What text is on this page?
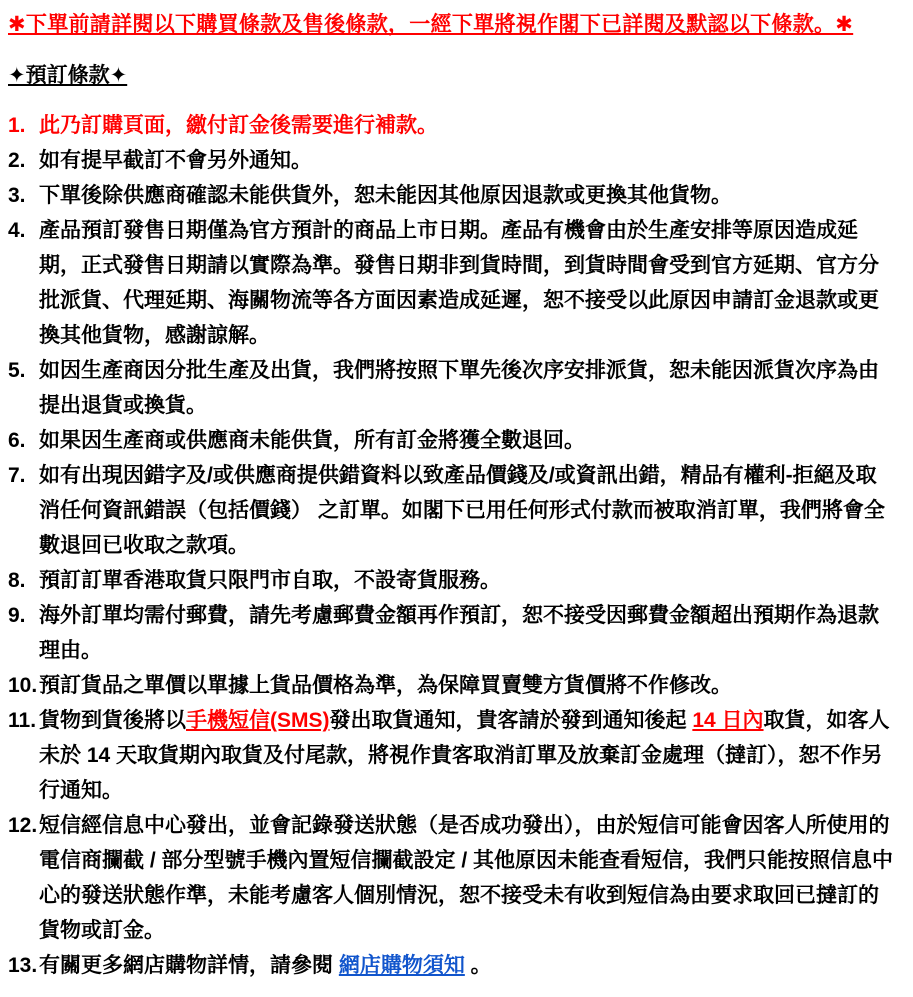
✱下單前請詳閱以下購買條款及售後條款，一經下單將視作閣下已詳閱及默認以下條款。✱
✦預訂條款✦
1. 此乃訂購頁面，繳付訂金後需要進行補款。
2. 如有提早截訂不會另外通知。
3. 下單後除供應商確認未能供貨外，恕未能因其他原因退款或更換其他貨物。
4. 產品預訂發售日期僅為官方預計的商品上市日期。產品有機會由於生產安排等原因造成延期，正式發售日期請以實際為準。發售日期非到貨時間，到貨時間會受到官方延期、官方分批派貨、代理延期、海關物流等各方面因素造成延遲，恕不接受以此原因申請訂金退款或更換其他貨物，感謝諒解。
5. 如因生產商因分批生產及出貨，我們將按照下單先後次序安排派貨，恕未能因派貨次序為由提出退貨或換貨。
6. 如果因生產商或供應商未能供貨，所有訂金將獲全數退回。
7. 如有出現因錯字及/或供應商提供錯資料以致產品價錢及/或資訊出錯，精品有權利-拒絕及取消任何資訊錯誤（包括價錢） 之訂單。如閣下已用任何形式付款而被取消訂單，我們將會全數退回已收取之款項。
8. 預訂訂單香港取貨只限門市自取，不設寄貨服務。
9. 海外訂單均需付郵費，請先考慮郵費金額再作預訂，恕不接受因郵費金額超出預期作為退款理由。
10. 預訂貨品之單價以單據上貨品價格為準，為保障買賣雙方貨價將不作修改。
11. 貨物到貨後將以手機短信(SMS)發出取貨通知，貴客請於發到通知後起 14 日內取貨，如客人未於 14 天取貨期內取貨及付尾款，將視作貴客取消訂單及放棄訂金處理（撻訂），恕不作另行通知。
12. 短信經信息中心發出，並會記錄發送狀態（是否成功發出），由於短信可能會因客人所使用的電信商攔截 / 部分型號手機內置短信攔截設定 / 其他原因未能查看短信，我們只能按照信息中心的發送狀態作準，未能考慮客人個別情況，恕不接受未有收到短信為由要求取回已撻訂的貨物或訂金。
13. 有關更多網店購物詳情，請參閱 網店購物須知 。
